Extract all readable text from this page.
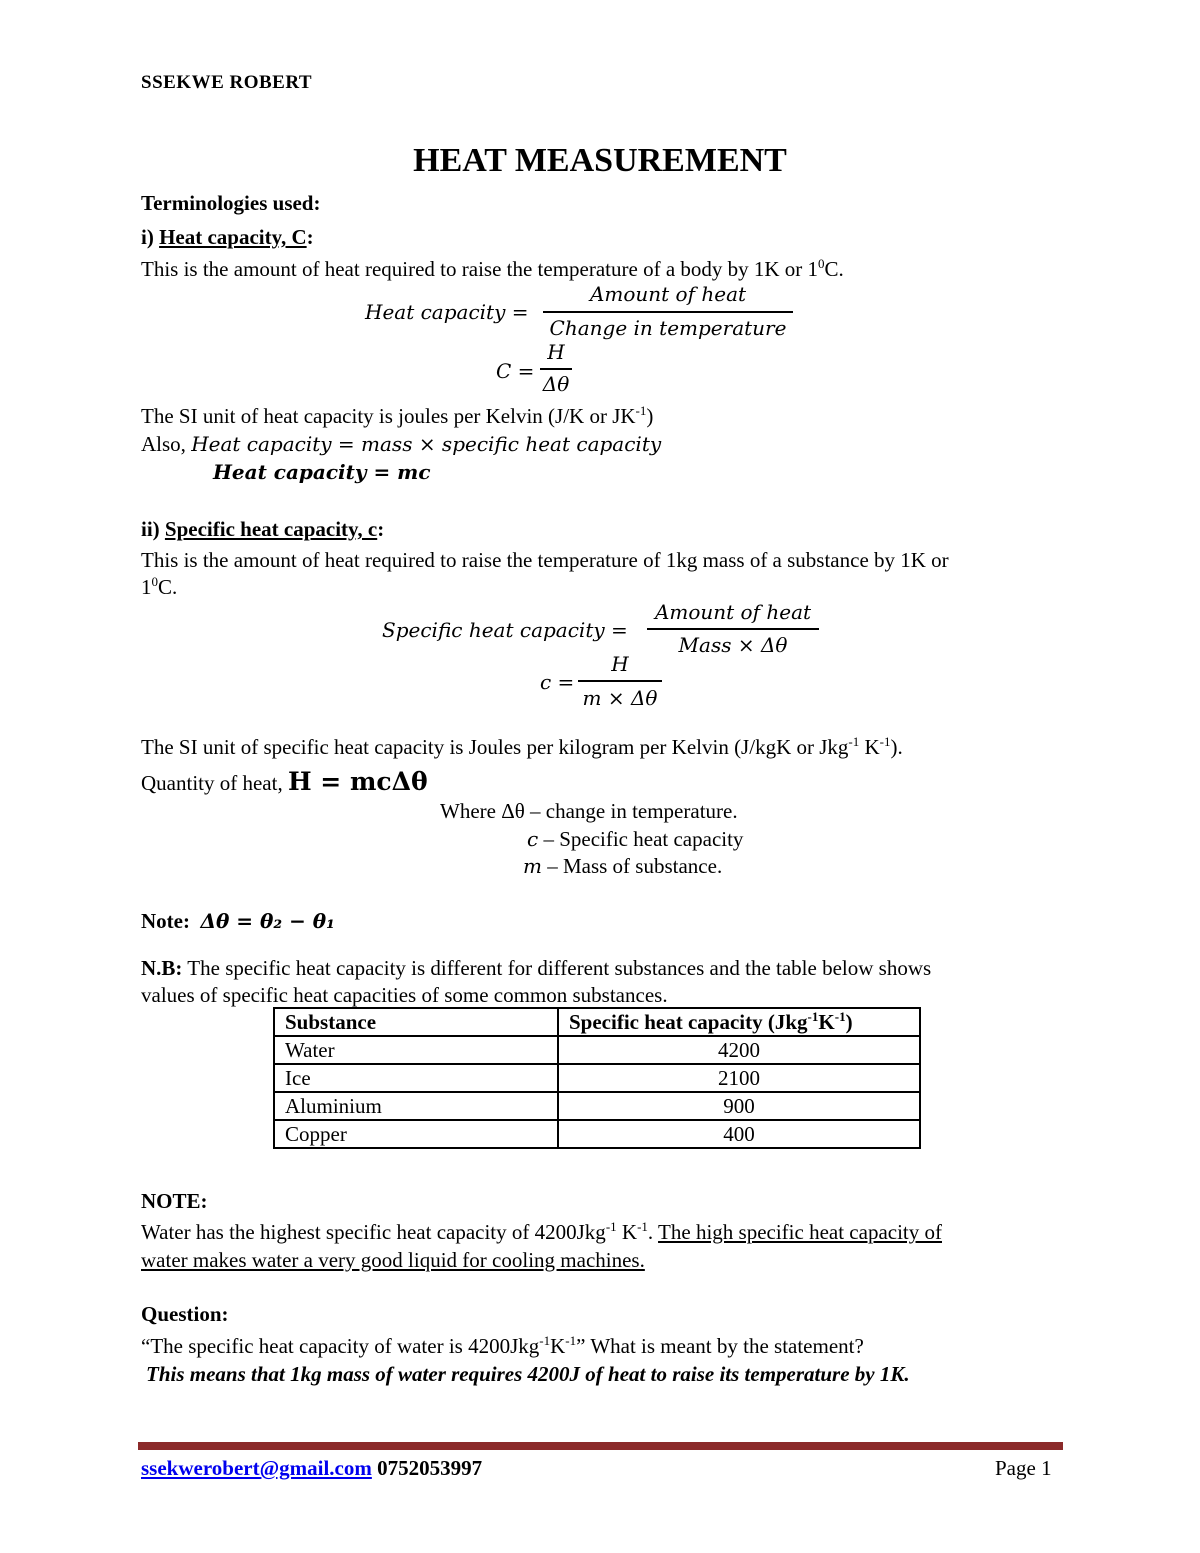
SSEKWE ROBERT
HEAT MEASUREMENT
Terminologies used:
i) Heat capacity, C:
This is the amount of heat required to raise the temperature of a body by 1K or $1^0C$.
Heat capacity =
Amount of heat
Change in temperature
C =
H
Δθ
The SI unit of heat capacity is joules per Kelvin (J/K or $JK^{-1}$)
Also, Heat capacity = mass × specific heat capacity
Heat capacity = mc
ii) Specific heat capacity, c:
This is the amount of heat required to raise the temperature of 1kg mass of a substance by 1K or
$1^0C$.
Specific heat capacity =
Amount of heat
Mass × Δθ
c =
H
m × Δθ
The SI unit of specific heat capacity is Joules per kilogram per Kelvin (J/kgK or Jkg$^{-1}$ $K^{-1}$).
Quantity of heat, H = mcΔθ
Where Δθ – change in temperature.
c – Specific heat capacity
m – Mass of substance.
Note: Δθ = θ₂ − θ₁
N.B: The specific heat capacity is different for different substances and the table below shows
values of specific heat capacities of some common substances.
Substance	Specific heat capacity $(Jkg^{-1}K^{-1})$
Water	4200
Ice	2100
Aluminium	900
Copper	400
NOTE:
Water has the highest specific heat capacity of 4200Jkg$^{-1}$ $K^{-1}$. The high specific heat capacity of
water makes water a very good liquid for cooling machines.
Question:
“The specific heat capacity of water is $4200Jkg^{-1}K^{-1}$” What is meant by the statement?
This means that 1kg mass of water requires 4200J of heat to raise its temperature by 1K.
ssekwerobert@gmail.com 0752053997	Page 1
